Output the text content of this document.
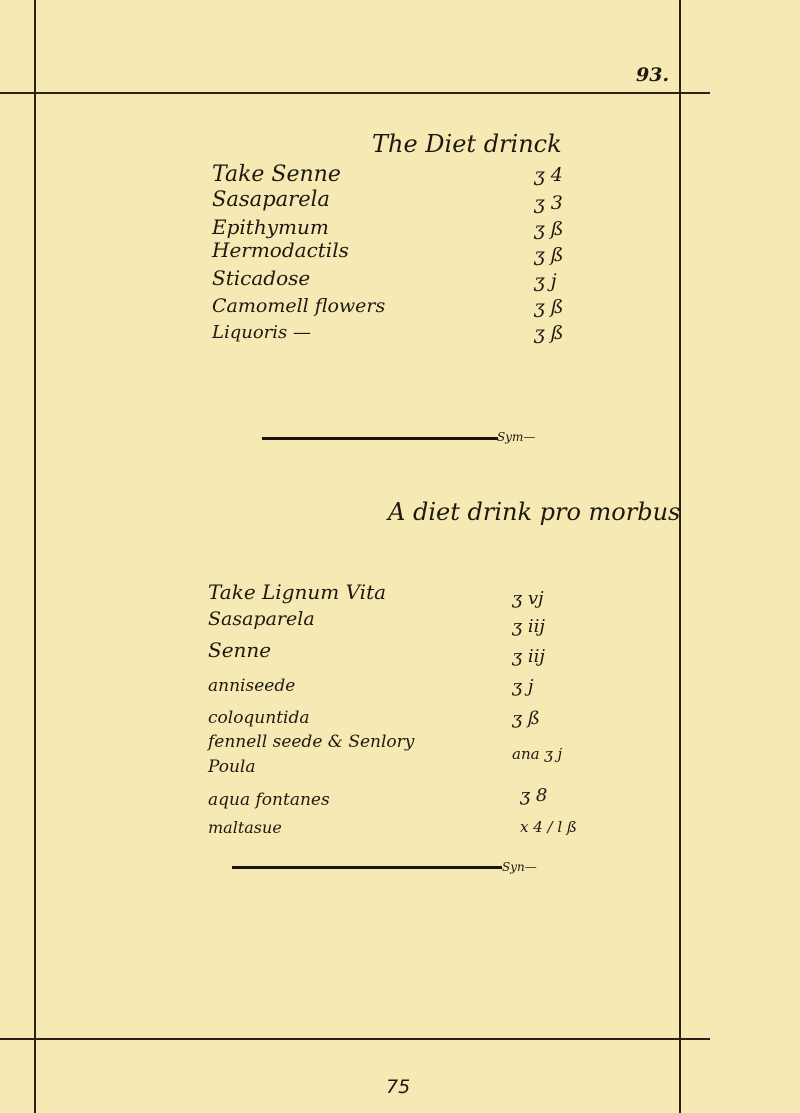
93.
The Diet drinck
Take Senne
Sasaparela
Epithymum
Hermodactils
Sticadose
Camomell flowers
Liquoris —
ʒ 4
ʒ 3
ʒ ß
ʒ ß
ʒ j
ʒ ß
ʒ ß
Sym—
A diet drink pro morbus
Take Lignum Vita
Sasaparela
Senne
anniseede
coloquntida
fennell seede & Senlory
Poula
aqua fontanes
maltasue
ʒ vj
ʒ iij
ʒ iij
ʒ j
ʒ ß
ana ʒ j
ʒ 8
x 4 / l ß
Syn—
75
